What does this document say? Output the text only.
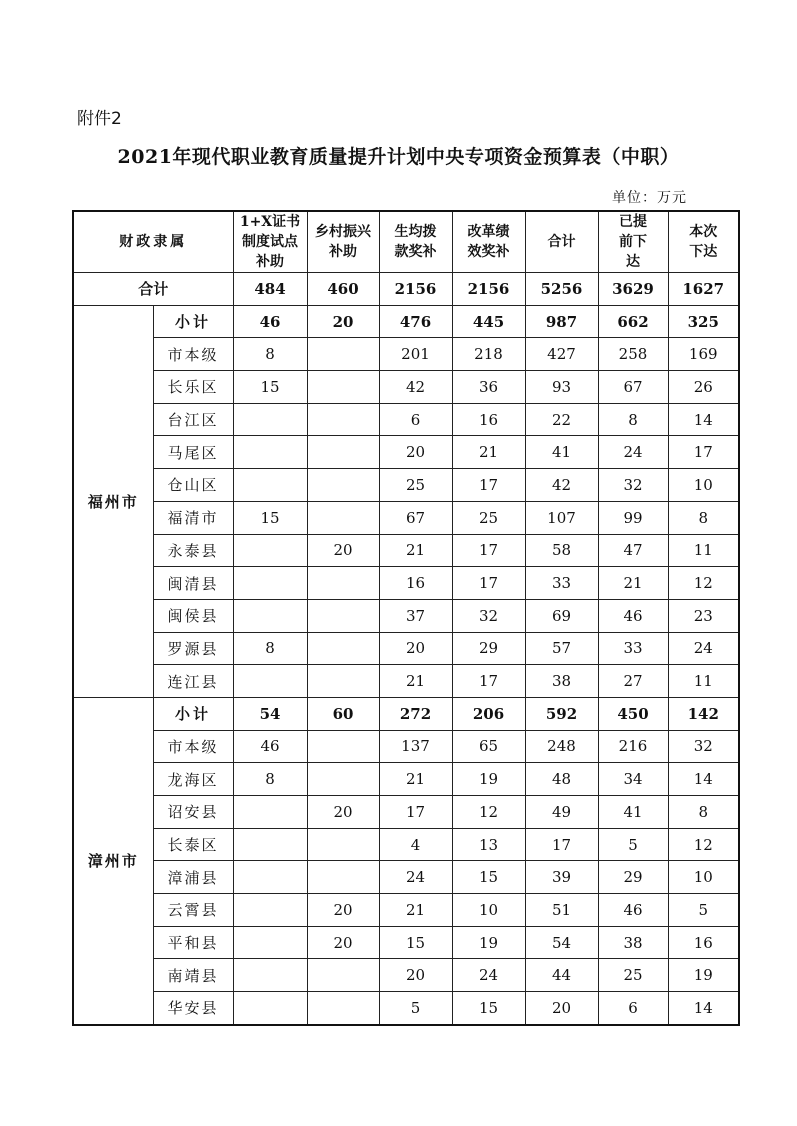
附件2
2021年现代职业教育质量提升计划中央专项资金预算表（中职）
单位：万元
财政隶属		1+X证书制度试点补助	乡村振兴补助	生均拨款奖补	改革绩效奖补	合计	已提前下达	本次下达
合计		484	460	2156	2156	5256	3629	1627
福州市	小计	46	20	476	445	987	662	325
	市本级	8		201	218	427	258	169
	长乐区	15		42	36	93	67	26
	台江区			6	16	22	8	14
	马尾区			20	21	41	24	17
	仓山区			25	17	42	32	10
	福清市	15		67	25	107	99	8
	永泰县		20	21	17	58	47	11
	闽清县			16	17	33	21	12
	闽侯县			37	32	69	46	23
	罗源县	8		20	29	57	33	24
	连江县			21	17	38	27	11
漳州市	小计	54	60	272	206	592	450	142
	市本级	46		137	65	248	216	32
	龙海区	8		21	19	48	34	14
	诏安县		20	17	12	49	41	8
	长泰区			4	13	17	5	12
	漳浦县			24	15	39	29	10
	云霄县		20	21	10	51	46	5
	平和县		20	15	19	54	38	16
	南靖县			20	24	44	25	19
	华安县			5	15	20	6	14
